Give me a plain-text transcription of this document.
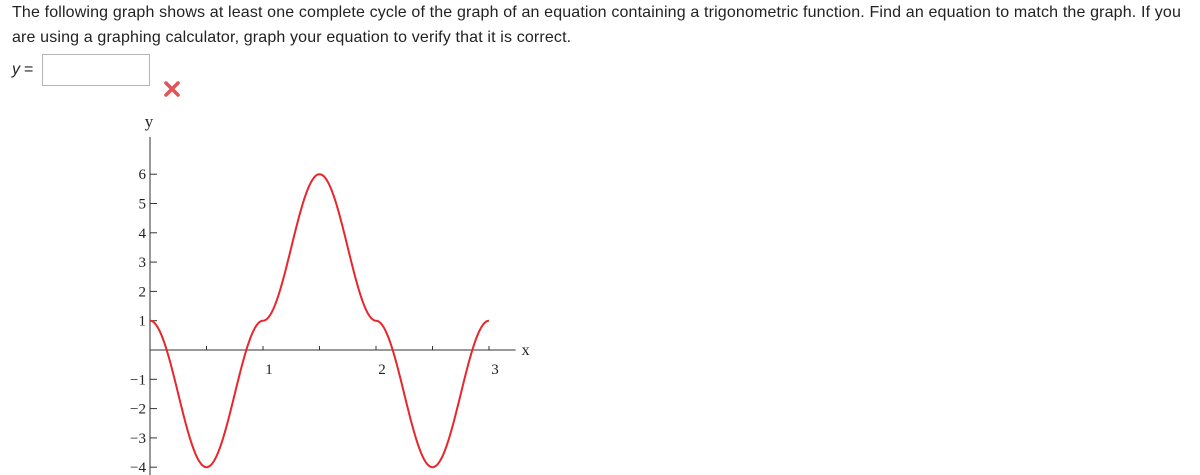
The following graph shows at least one complete cycle of the graph of an equation containing a trigonometric function. Find an equation to match the graph. If you are using a graphing calculator, graph your equation to verify that it is correct.
y =
y
x
6
5
4
3
2
1
−1
−2
−3
−4
1	2	3
